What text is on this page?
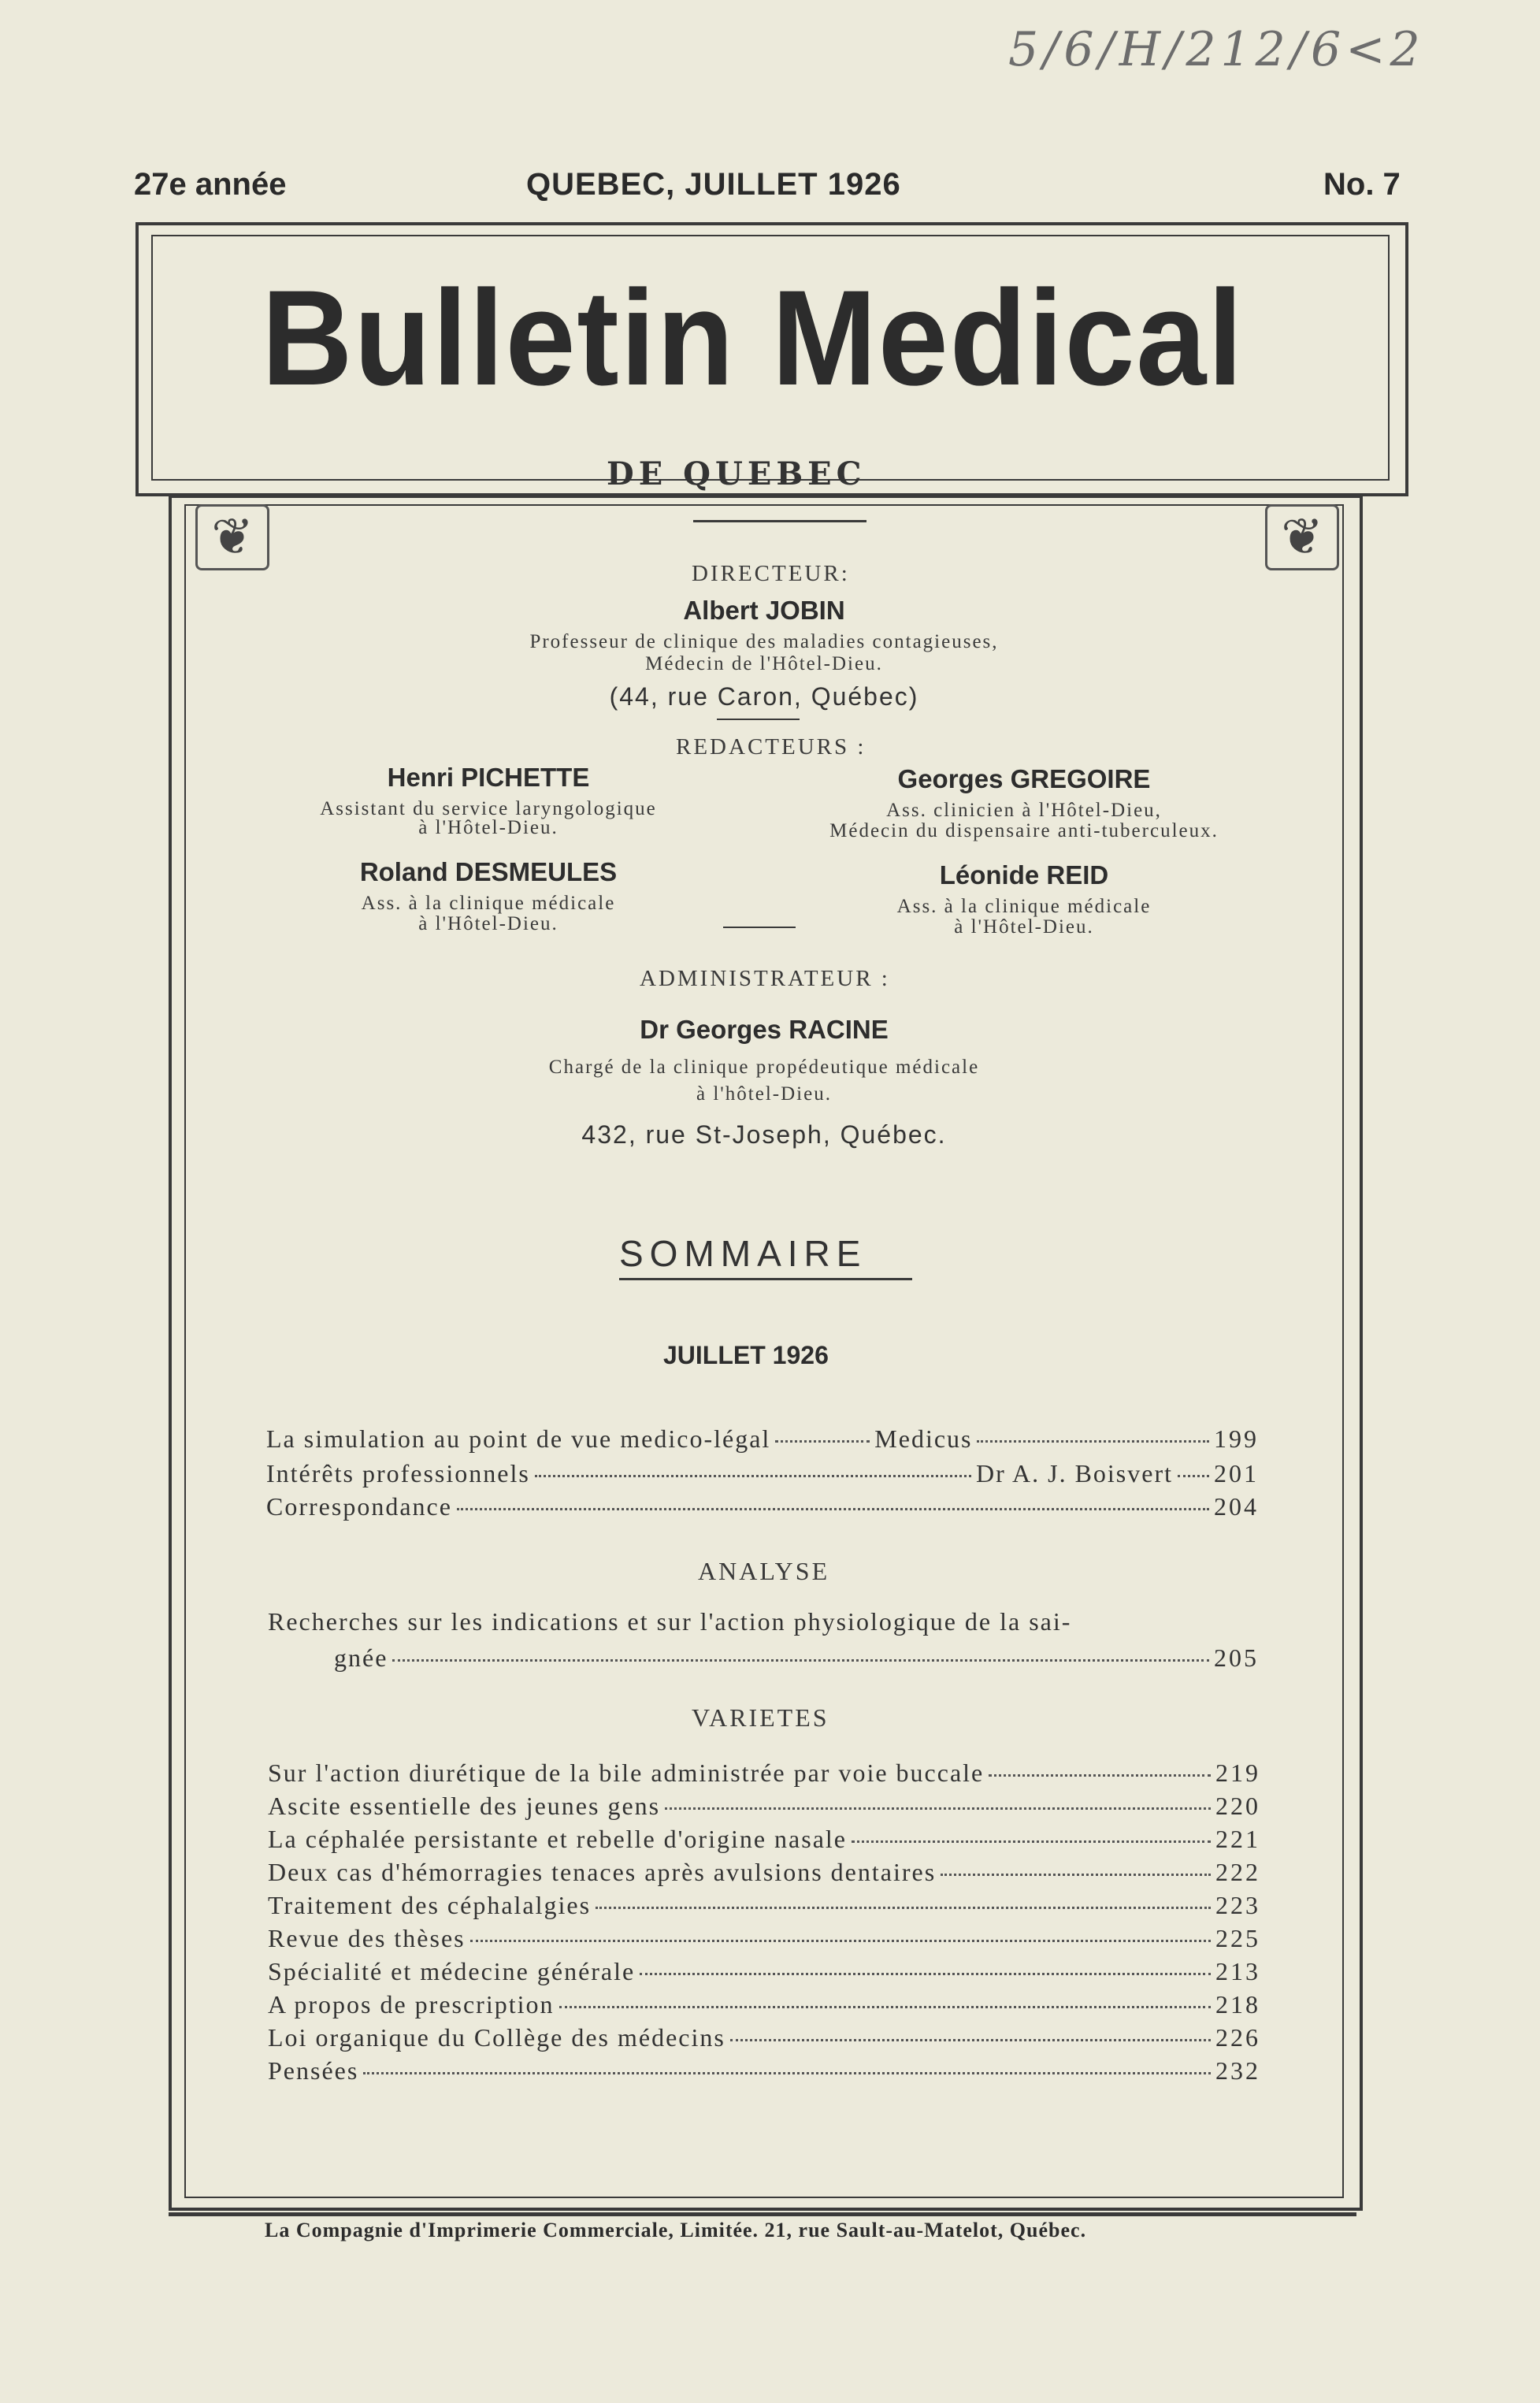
5/6/H/212/6<2
27e année	QUEBEC, JUILLET 1926	No. 7
❦	❦
Bulletin Medical
DE QUEBEC
DIRECTEUR:
Albert JOBIN
Professeur de clinique des maladies contagieuses,
Médecin de l'Hôtel-Dieu.
(44, rue Caron, Québec)
REDACTEURS :
Henri PICHETTE
Assistant du service laryngologique
à l'Hôtel-Dieu.
Georges GREGOIRE
Ass. clinicien à l'Hôtel-Dieu,
Médecin du dispensaire anti-tuberculeux.
Roland DESMEULES
Ass. à la clinique médicale
à l'Hôtel-Dieu.
Léonide REID
Ass. à la clinique médicale
à l'Hôtel-Dieu.
ADMINISTRATEUR :
Dr Georges RACINE
Chargé de la clinique propédeutique médicale
à l'hôtel-Dieu.
432, rue St-Joseph, Québec.
SOMMAIRE
JUILLET 1926
La simulation au point de vue medico-légal	Medicus	199
Intérêts professionnels	Dr A. J. Boisvert 201
Correspondance	204
ANALYSE
Recherches sur les indications et sur l'action physiologique de la sai-
gnée	205
VARIETES
Sur l'action diurétique de la bile administrée par voie buccale	219
Ascite essentielle des jeunes gens	220
La céphalée persistante et rebelle d'origine nasale	221
Deux cas d'hémorragies tenaces après avulsions dentaires	222
Traitement des céphalalgies	223
Revue des thèses	225
Spécialité et médecine générale	213
A propos de prescription	218
Loi organique du Collège des médecins	226
Pensées	232
La Compagnie d'Imprimerie Commerciale, Limitée. 21, rue Sault-au-Matelot, Québec.
